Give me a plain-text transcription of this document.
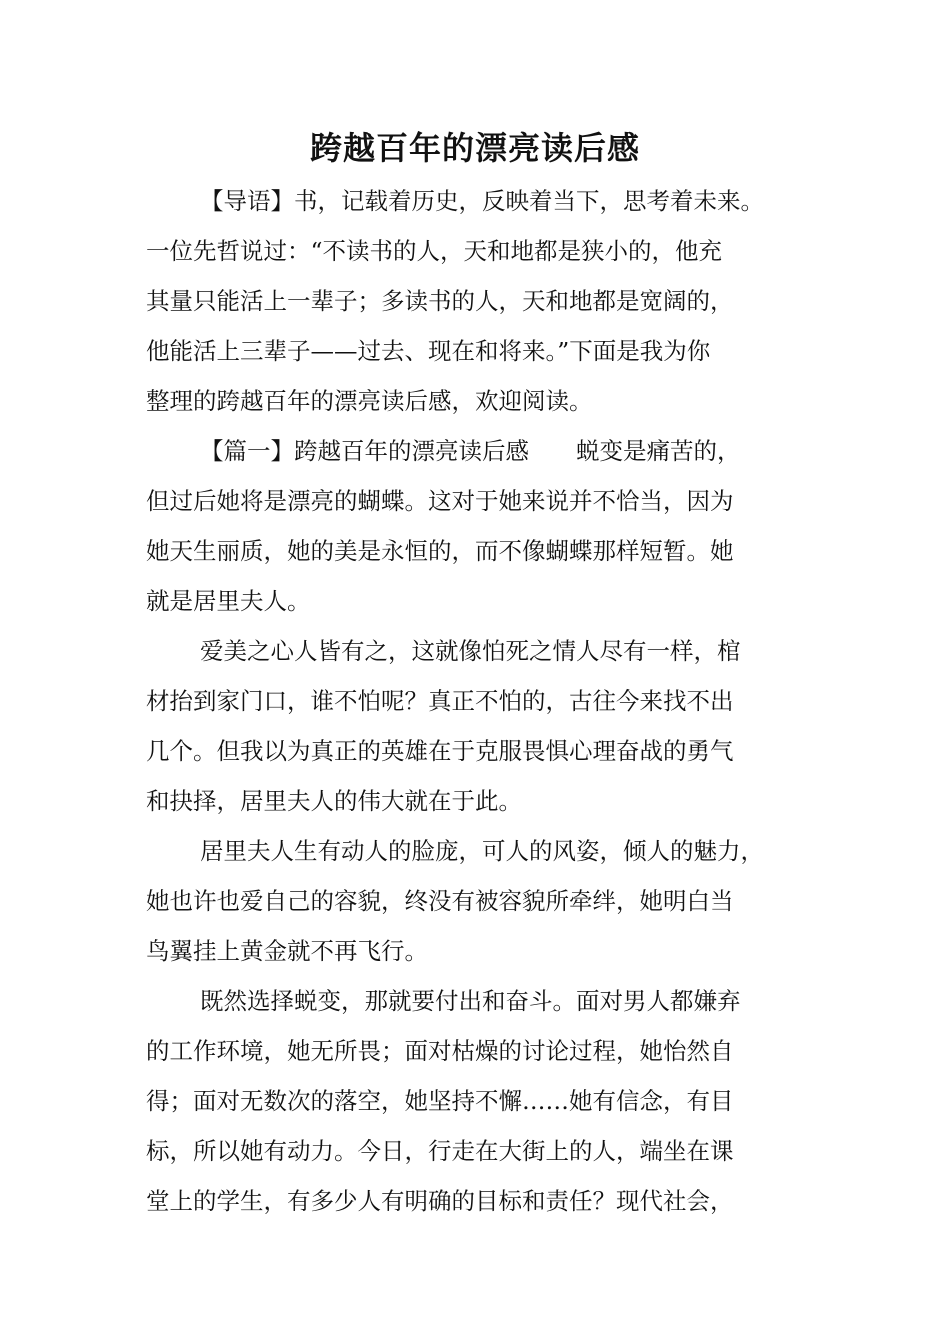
跨越百年的漂亮读后感
【导语】书，记载着历史，反映着当下，思考着未来。
一位先哲说过：“不读书的人，天和地都是狭小的，他充
其量只能活上一辈子；多读书的人，天和地都是宽阔的，
他能活上三辈子——过去、现在和将来。”下面是我为你
整理的跨越百年的漂亮读后感，欢迎阅读。
【篇一】跨越百年的漂亮读后感　　蜕变是痛苦的，
但过后她将是漂亮的蝴蝶。这对于她来说并不恰当，因为
她天生丽质，她的美是永恒的，而不像蝴蝶那样短暂。她
就是居里夫人。
爱美之心人皆有之，这就像怕死之情人尽有一样，棺
材抬到家门口，谁不怕呢？真正不怕的，古往今来找不出
几个。但我以为真正的英雄在于克服畏惧心理奋战的勇气
和抉择，居里夫人的伟大就在于此。
居里夫人生有动人的脸庞，可人的风姿，倾人的魅力，
她也许也爱自己的容貌，终没有被容貌所牵绊，她明白当
鸟翼挂上黄金就不再飞行。
既然选择蜕变，那就要付出和奋斗。面对男人都嫌弃
的工作环境，她无所畏；面对枯燥的讨论过程，她怡然自
得；面对无数次的落空，她坚持不懈……她有信念，有目
标，所以她有动力。今日，行走在大街上的人，端坐在课
堂上的学生，有多少人有明确的目标和责任？现代社会，
